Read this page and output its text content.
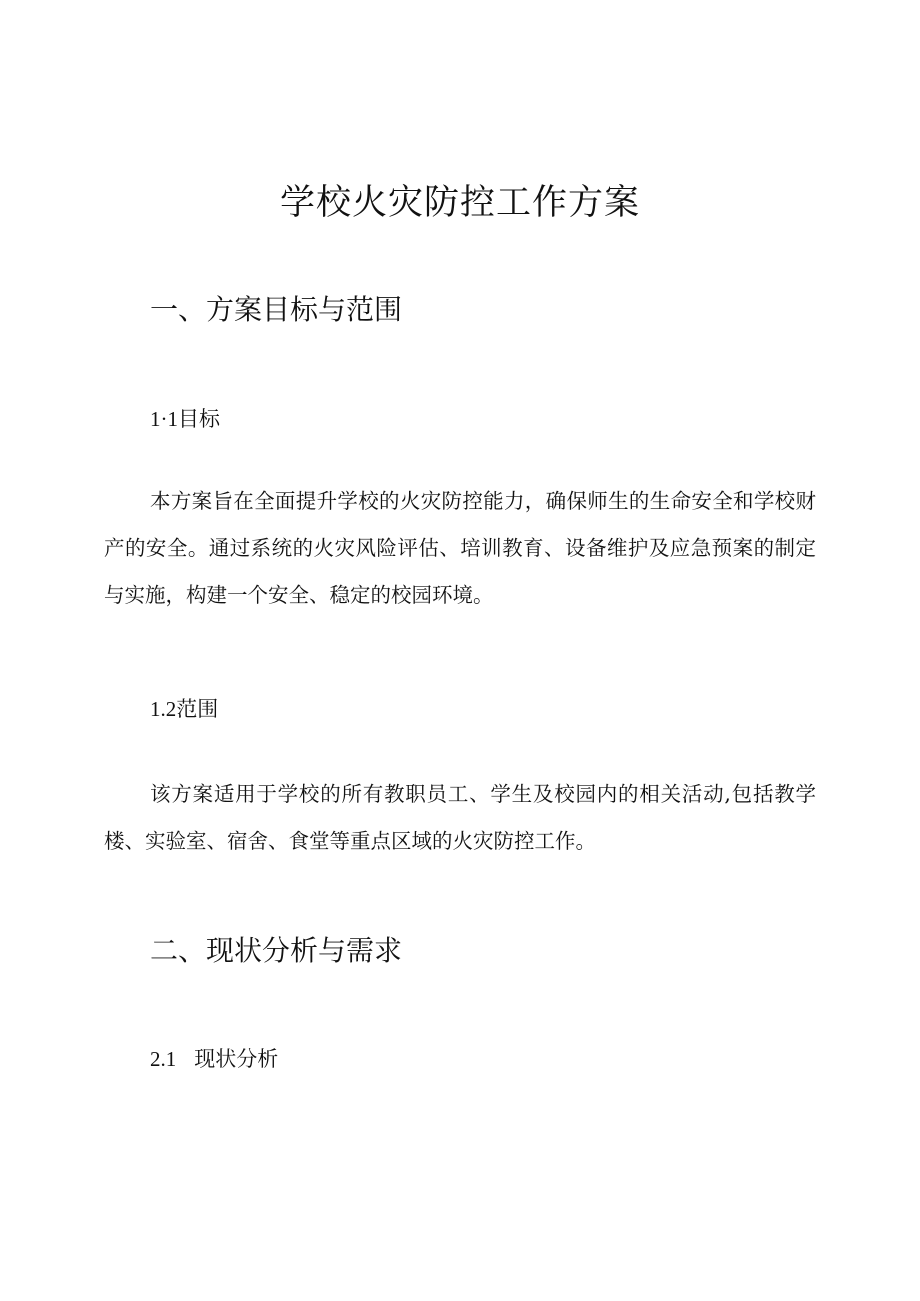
学校火灾防控工作方案
一、方案目标与范围
1·1目标

本方案旨在全面提升学校的火灾防控能力，确保师生的生命安全和学校财产的安全。通过系统的火灾风险评估、培训教育、设备维护及应急预案的制定与实施，构建一个安全、稳定的校园环境。

1.2范围

该方案适用于学校的所有教职员工、学生及校园内的相关活动,包括教学楼、实验室、宿舍、食堂等重点区域的火灾防控工作。

二、现状分析与需求
2.1 现状分析
